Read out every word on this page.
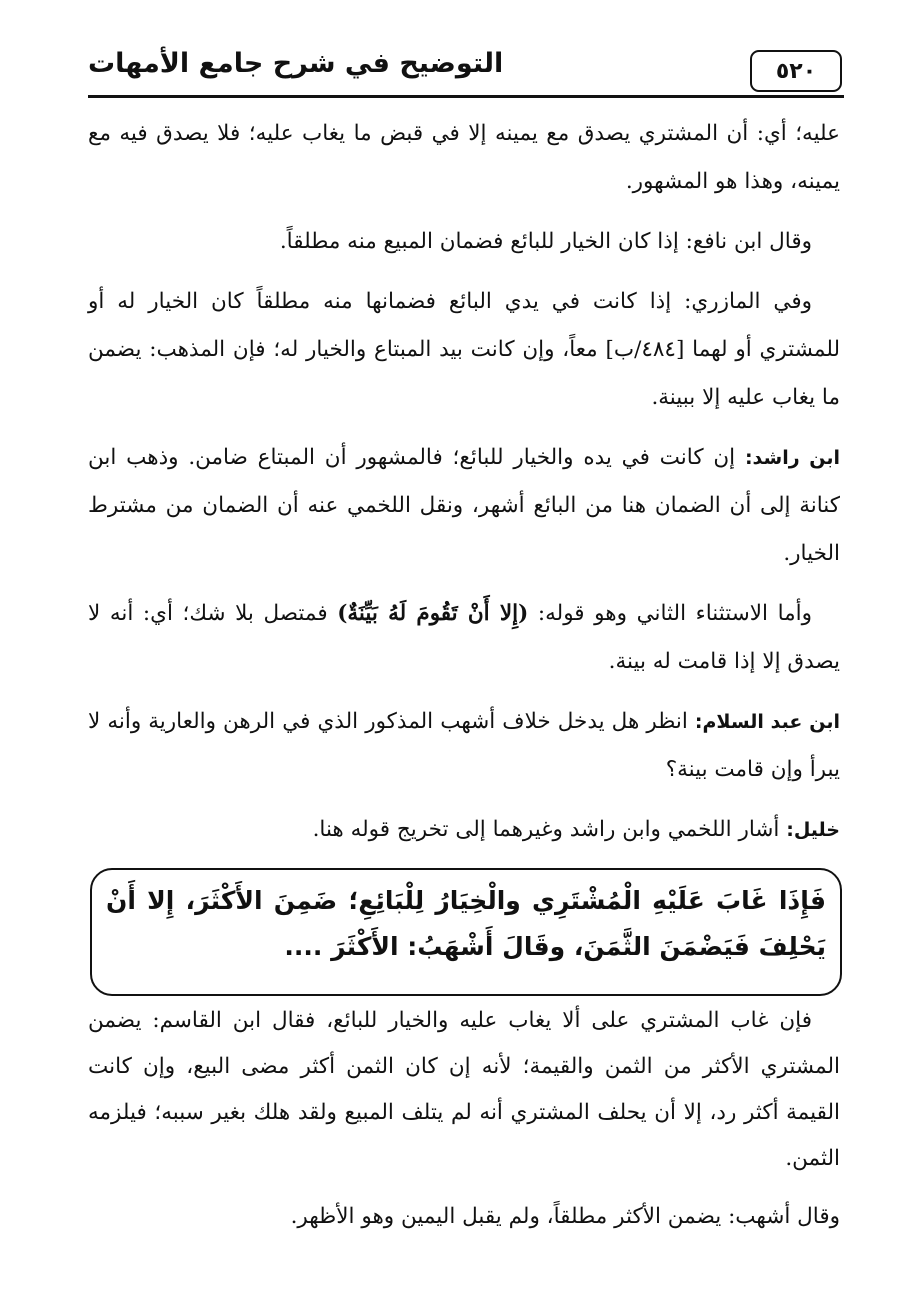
التوضيح في شرح جامع الأمهات	٥٢٠

عليه؛ أي: أن المشتري يصدق مع يمينه إلا في قبض ما يغاب عليه؛ فلا يصدق فيه مع يمينه، وهذا هو المشهور.

وقال ابن نافع: إذا كان الخيار للبائع فضمان المبيع منه مطلقاً.

وفي المازري: إذا كانت في يدي البائع فضمانها منه مطلقاً كان الخيار له أو للمشتري أو لهما [٤٨٤/ب] معاً، وإن كانت بيد المبتاع والخيار له؛ فإن المذهب: يضمن ما يغاب عليه إلا ببينة.

ابن راشد: إن كانت في يده والخيار للبائع؛ فالمشهور أن المبتاع ضامن. وذهب ابن كنانة إلى أن الضمان هنا من البائع أشهر، ونقل اللخمي عنه أن الضمان من مشترط الخيار.

وأما الاستثناء الثاني وهو قوله: (إِلا أَنْ تَقُومَ لَهُ بَيِّنَةٌ) فمتصل بلا شك؛ أي: أنه لا يصدق إلا إذا قامت له بينة.

ابن عبد السلام: انظر هل يدخل خلاف أشهب المذكور الذي في الرهن والعارية وأنه لا يبرأ وإن قامت بينة؟

خليل: أشار اللخمي وابن راشد وغيرهما إلى تخريج قوله هنا.

فَإِذَا غَابَ عَلَيْهِ الْمُشْتَرِي والْخِيَارُ لِلْبَائِعِ؛ ضَمِنَ الأَكْثَرَ، إِلا أَنْ يَحْلِفَ فَيَضْمَنَ الثَّمَنَ، وقَالَ أَشْهَبُ: الأَكْثَرَ ....

فإن غاب المشتري على ألا يغاب عليه والخيار للبائع، فقال ابن القاسم: يضمن المشتري الأكثر من الثمن والقيمة؛ لأنه إن كان الثمن أكثر مضى البيع، وإن كانت القيمة أكثر رد، إلا أن يحلف المشتري أنه لم يتلف المبيع ولقد هلك بغير سببه؛ فيلزمه الثمن.

وقال أشهب: يضمن الأكثر مطلقاً، ولم يقبل اليمين وهو الأظهر.
